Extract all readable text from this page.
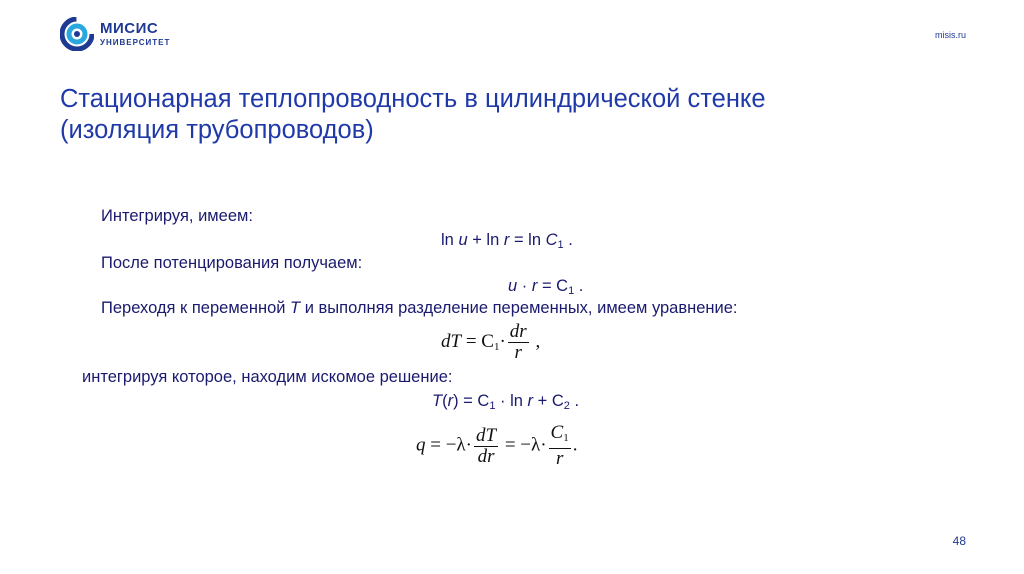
МИСИС
УНИВЕРСИТЕТ
misis.ru
Стационарная теплопроводность в цилиндрической стенке
(изоляция трубопроводов)
Интегрируя, имеем:
$\ln u + \ln r = \ln C_1$ .
После потенцирования получаем:
$u \cdot r = C_1$ .
Переходя к переменной T и выполняя разделение переменных, имеем уравнение:
dT = $C_1\cdot \frac{dr}{r}$ ,
интегрируя которое, находим искомое решение:
$T(r) = C_1 \cdot \ln r + C_2$ .
$q = -\lambda\cdot \frac{dT}{dr} = -\lambda\cdot \frac{C_1}{r}$ .
48
